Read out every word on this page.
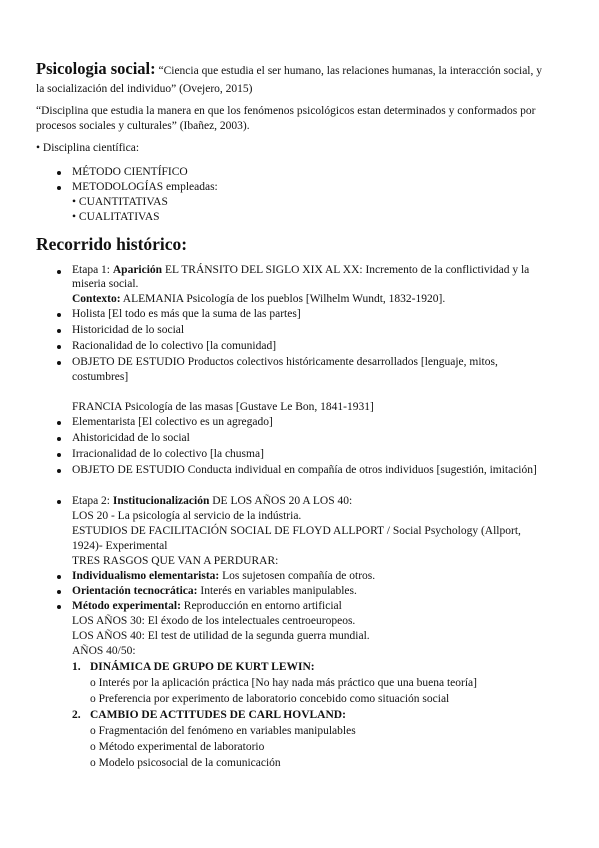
Psicologia social: “Ciencia que estudia el ser humano, las relaciones humanas, la interacción social, y
la socialización del individuo” (Ovejero, 2015)
“Disciplina que estudia la manera en que los fenómenos psicológicos estan determinados y conformados por
procesos sociales y culturales” (Ibañez, 2003).
• Disciplina científica:
MÉTODO CIENTÍFICO
METODOLOGÍAS empleadas:
• CUANTITATIVAS
• CUALITATIVAS
Recorrido histórico:
Etapa 1: Aparición EL TRÁNSITO DEL SIGLO XIX AL XX: Incremento de la conflictividad y la
miseria social.
Contexto: ALEMANIA Psicología de los pueblos [Wilhelm Wundt, 1832-1920].
Holista [El todo es más que la suma de las partes]
Historicidad de lo social
Racionalidad de lo colectivo [la comunidad]
OBJETO DE ESTUDIO Productos colectivos históricamente desarrollados [lenguaje, mitos,
costumbres]
FRANCIA Psicología de las masas [Gustave Le Bon, 1841-1931]
Elementarista [El colectivo es un agregado]
Ahistoricidad de lo social
Irracionalidad de lo colectivo [la chusma]
OBJETO DE ESTUDIO Conducta individual en compañía de otros individuos [sugestión, imitación]
Etapa 2: Institucionalización DE LOS AÑOS 20 A LOS 40:
LOS 20 - La psicología al servicio de la indústria.
ESTUDIOS DE FACILITACIÓN SOCIAL DE FLOYD ALLPORT / Social Psychology (Allport,
1924)- Experimental
TRES RASGOS QUE VAN A PERDURAR:
Individualismo elementarista: Los sujetosen compañía de otros.
Orientación tecnocrática: Interés en variables manipulables.
Método experimental: Reproducción en entorno artificial
LOS AÑOS 30: El éxodo de los intelectuales centroeuropeos.
LOS AÑOS 40: El test de utilidad de la segunda guerra mundial.
AÑOS 40/50:
1. DINÁMICA DE GRUPO DE KURT LEWIN:
o Interés por la aplicación práctica [No hay nada más práctico que una buena teoría]
o Preferencia por experimento de laboratorio concebido como situación social
2. CAMBIO DE ACTITUDES DE CARL HOVLAND:
o Fragmentación del fenómeno en variables manipulables
o Método experimental de laboratorio
o Modelo psicosocial de la comunicación
